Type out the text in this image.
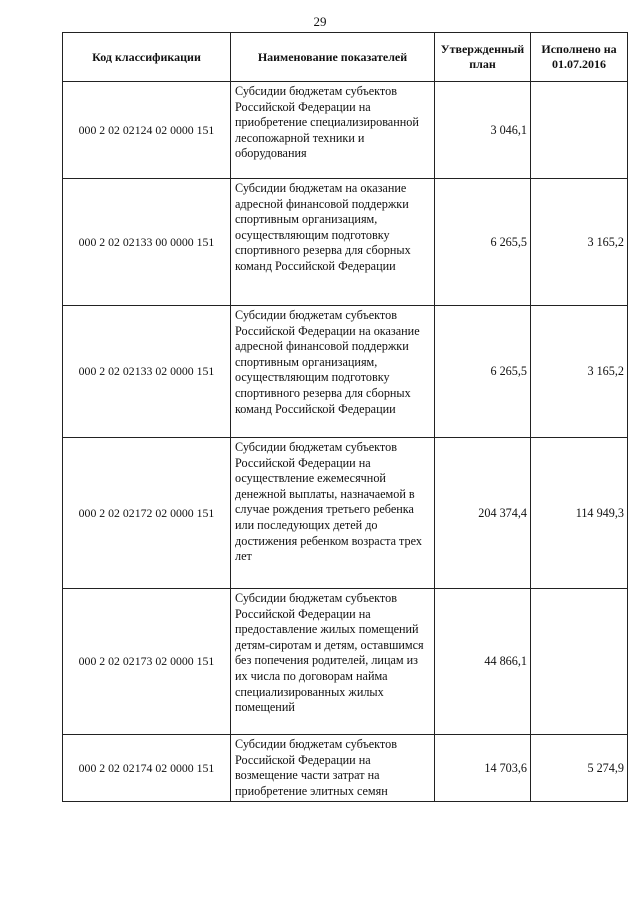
29
Код классификации	Наименование показателей	Утвержденный план	Исполнено на 01.07.2016
000 2 02 02124 02 0000 151	Субсидии бюджетам субъектов Российской Федерации на приобретение специализированной лесопожарной техники и оборудования	3 046,1	
000 2 02 02133 00 0000 151	Субсидии бюджетам на оказание адресной финансовой поддержки спортивным организациям, осуществляющим подготовку спортивного резерва для сборных команд Российской Федерации	6 265,5	3 165,2
000 2 02 02133 02 0000 151	Субсидии бюджетам субъектов Российской Федерации на оказание адресной финансовой поддержки спортивным организациям, осуществляющим подготовку спортивного резерва для сборных команд Российской Федерации	6 265,5	3 165,2
000 2 02 02172 02 0000 151	Субсидии бюджетам субъектов Российской Федерации на осуществление ежемесячной денежной выплаты, назначаемой в случае рождения третьего ребенка или последующих детей до достижения ребенком возраста трех лет	204 374,4	114 949,3
000 2 02 02173 02 0000 151	Субсидии бюджетам субъектов Российской Федерации на предоставление жилых помещений детям-сиротам и детям, оставшимся без попечения родителей, лицам из их числа по договорам найма специализированных жилых помещений	44 866,1	
000 2 02 02174 02 0000 151	Субсидии бюджетам субъектов Российской Федерации на возмещение части затрат на приобретение элитных семян	14 703,6	5 274,9
